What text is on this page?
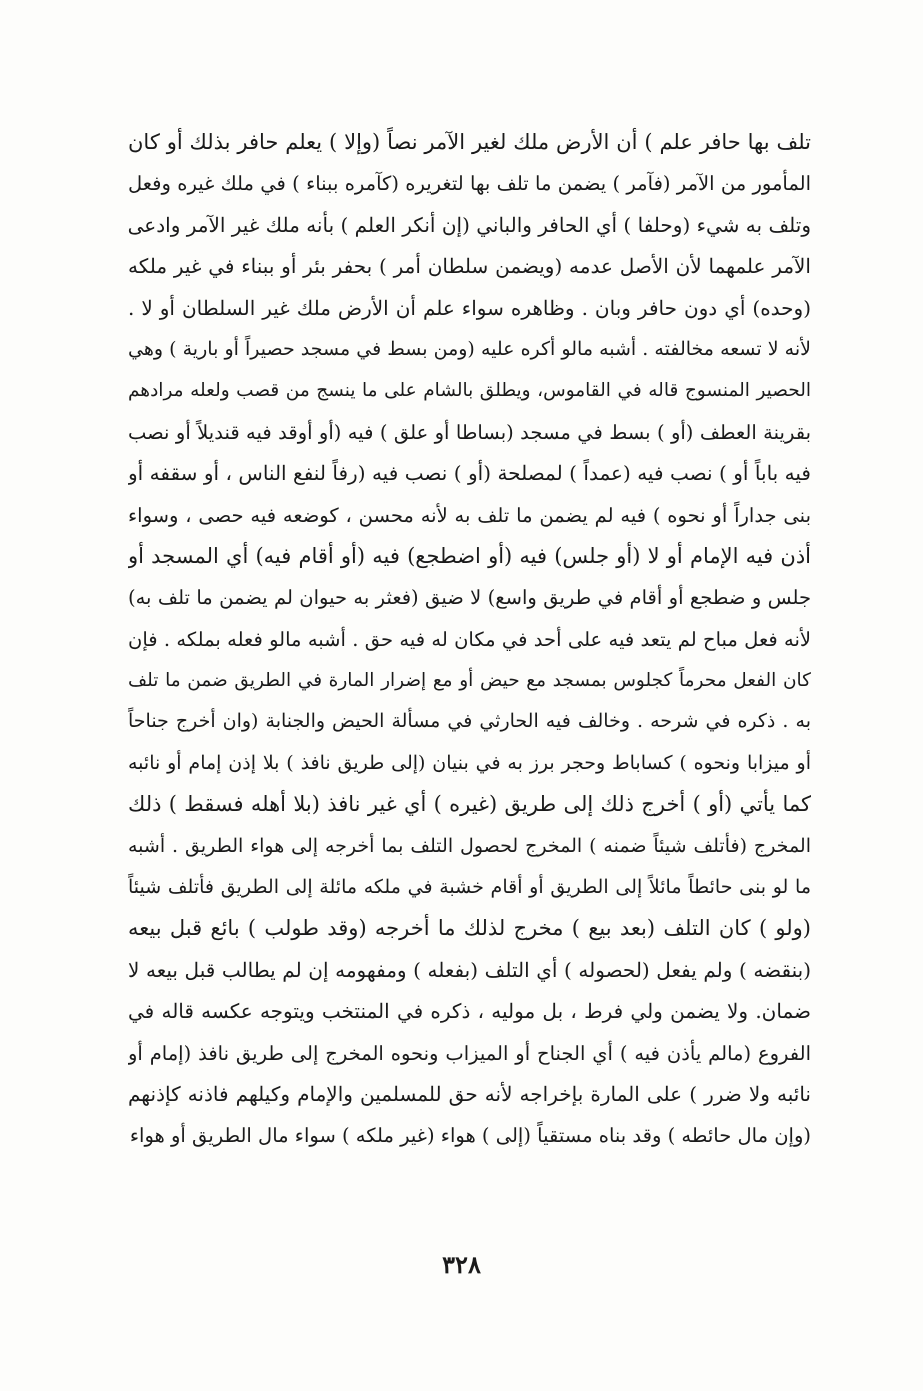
تلف بها حافر علم ) أن الأرض ملك لغير الآمر نصاً (وإلا ) يعلم حافر بذلك أو كان
المأمور من الآمر (فآمر ) يضمن ما تلف بها لتغريره (كآمره ببناء ) في ملك غيره وفعل
وتلف به شيء (وحلفا ) أي الحافر والباني (إن أنكر العلم ) بأنه ملك غير الآمر وادعى
الآمر علمهما لأن الأصل عدمه (ويضمن سلطان أمر ) بحفر بئر أو ببناء في غير ملكه
(وحده) أي دون حافر وبان . وظاهره سواء علم أن الأرض ملك غير السلطان أو لا .
لأنه لا تسعه مخالفته . أشبه مالو أكره عليه (ومن بسط في مسجد حصيراً أو بارية ) وهي
الحصير المنسوج قاله في القاموس، ويطلق بالشام على ما ينسج من قصب ولعله مرادهم
بقرينة العطف (أو ) بسط في مسجد (بساطا أو علق ) فيه (أو أوقد فيه قنديلاً أو نصب
فيه باباً أو ) نصب فيه (عمداً ) لمصلحة (أو ) نصب فيه (رفاً لنفع الناس ، أو سقفه أو
بنى جداراً أو نحوه ) فيه لم يضمن ما تلف به لأنه محسن ، كوضعه فيه حصى ، وسواء
أذن فيه الإمام أو لا (أو جلس) فيه (أو اضطجع) فيه (أو أقام فيه) أي المسجد أو
جلس و ضطجع أو أقام في طريق واسع) لا ضيق (فعثر به حيوان لم يضمن ما تلف به)
لأنه فعل مباح لم يتعد فيه على أحد في مكان له فيه حق . أشبه مالو فعله بملكه . فإن
كان الفعل محرماً كجلوس بمسجد مع حيض أو مع إضرار المارة في الطريق ضمن ما تلف
به . ذكره في شرحه . وخالف فيه الحارثي في مسألة الحيض والجنابة (وان أخرج جناحاً
أو ميزابا ونحوه ) كساباط وحجر برز به في بنيان (إلى طريق نافذ ) بلا إذن إمام أو نائبه
كما يأتي (أو ) أخرج ذلك إلى طريق (غيره ) أي غير نافذ (بلا أهله فسقط ) ذلك
المخرج (فأتلف شيئاً ضمنه ) المخرج لحصول التلف بما أخرجه إلى هواء الطريق . أشبه
ما لو بنى حائطاً مائلاً إلى الطريق أو أقام خشبة في ملكه مائلة إلى الطريق فأتلف شيئاً
(ولو ) كان التلف (بعد بيع ) مخرج لذلك ما أخرجه (وقد طولب ) بائع قبل بيعه
(بنقضه ) ولم يفعل (لحصوله ) أي التلف (بفعله ) ومفهومه إن لم يطالب قبل بيعه لا
ضمان. ولا يضمن ولي فرط ، بل موليه ، ذكره في المنتخب ويتوجه عكسه قاله في
الفروع (مالم يأذن فيه ) أي الجناح أو الميزاب ونحوه المخرج إلى طريق نافذ (إمام أو
نائبه ولا ضرر ) على المارة بإخراجه لأنه حق للمسلمين والإمام وكيلهم فاذنه كإذنهم
(وإن مال حائطه ) وقد بناه مستقياً (إلى ) هواء (غير ملكه ) سواء مال الطريق أو هواء
٣٢٨
